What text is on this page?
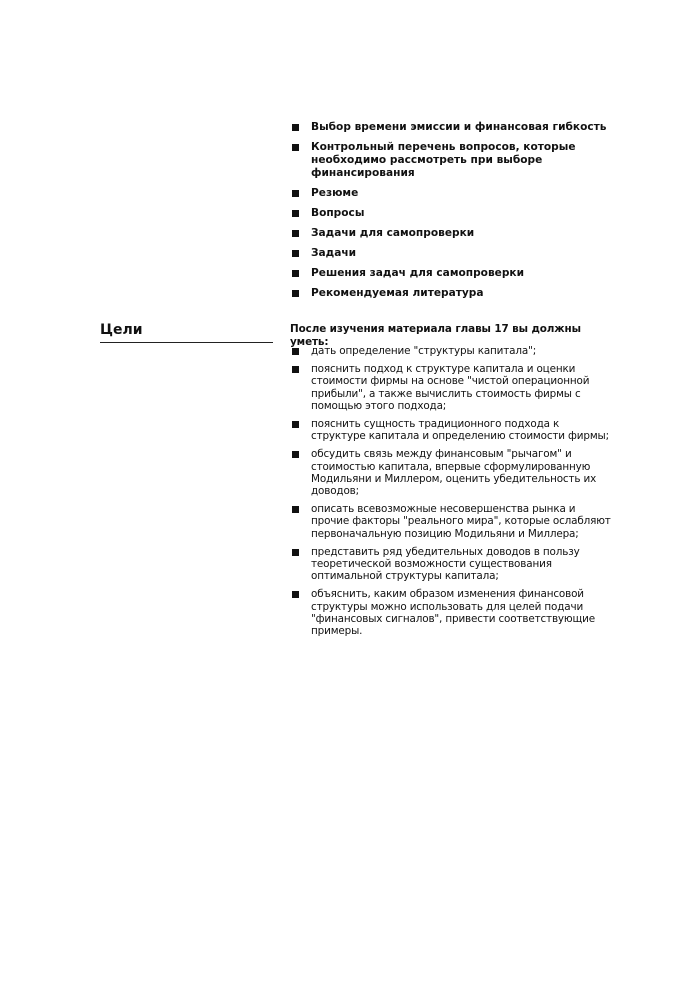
Выбор времени эмиссии и финансовая гибкость
Контрольный перечень вопросов, которые необходимо рассмотреть при выборе финансирования
Резюме
Вопросы
Задачи для самопроверки
Задачи
Решения задач для самопроверки
Рекомендуемая литература
Цели	После изучения материала главы 17 вы должны уметь:
дать определение "структуры капитала";
пояснить подход к структуре капитала и оценки стоимости фирмы на основе "чистой операционной прибыли", а также вычислить стоимость фирмы с помощью этого подхода;
пояснить сущность традиционного подхода к структуре капитала и определению стоимости фирмы;
обсудить связь между финансовым "рычагом" и стоимостью капитала, впервые сформулированную Модильяни и Миллером, оценить убедительность их доводов;
описать всевозможные несовершенства рынка и прочие факторы "реального мира", которые ослабляют первоначальную позицию Модильяни и Миллера;
представить ряд убедительных доводов в пользу теоретической возможности существования оптимальной структуры капитала;
объяснить, каким образом изменения финансовой структуры можно использовать для целей подачи "финансовых сигналов", привести соответствующие примеры.
